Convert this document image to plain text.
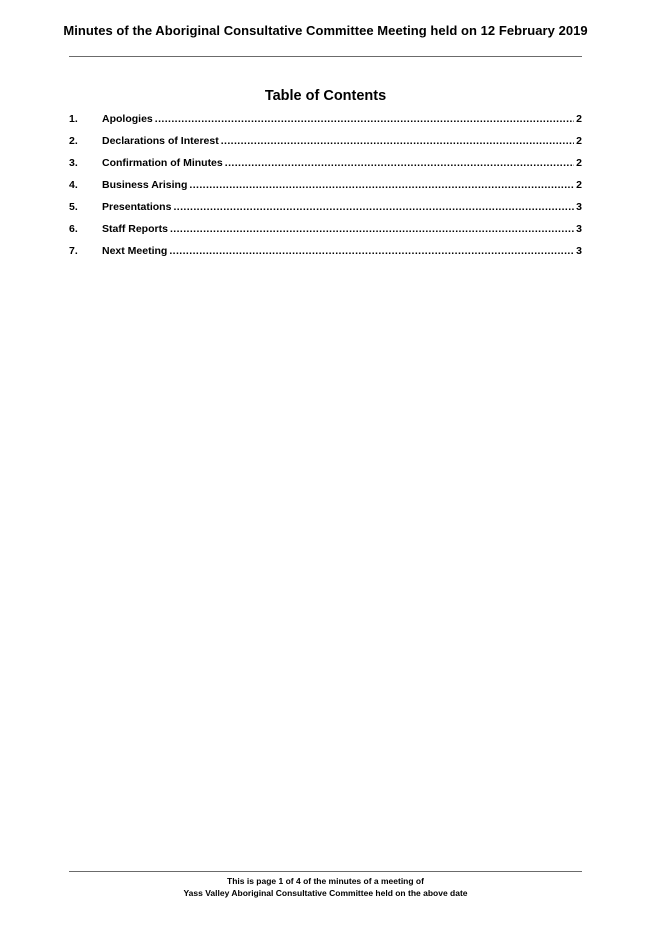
Minutes of the Aboriginal Consultative Committee Meeting held on 12 February 2019
Table of Contents
1.	Apologies .....	2
2.	Declarations of Interest .....	2
3.	Confirmation of Minutes .....	2
4.	Business Arising .....	2
5.	Presentations .....	3
6.	Staff Reports .....	3
7.	Next Meeting .....	3
This is page 1 of 4 of the minutes of a meeting of
Yass Valley Aboriginal Consultative Committee held on the above date
